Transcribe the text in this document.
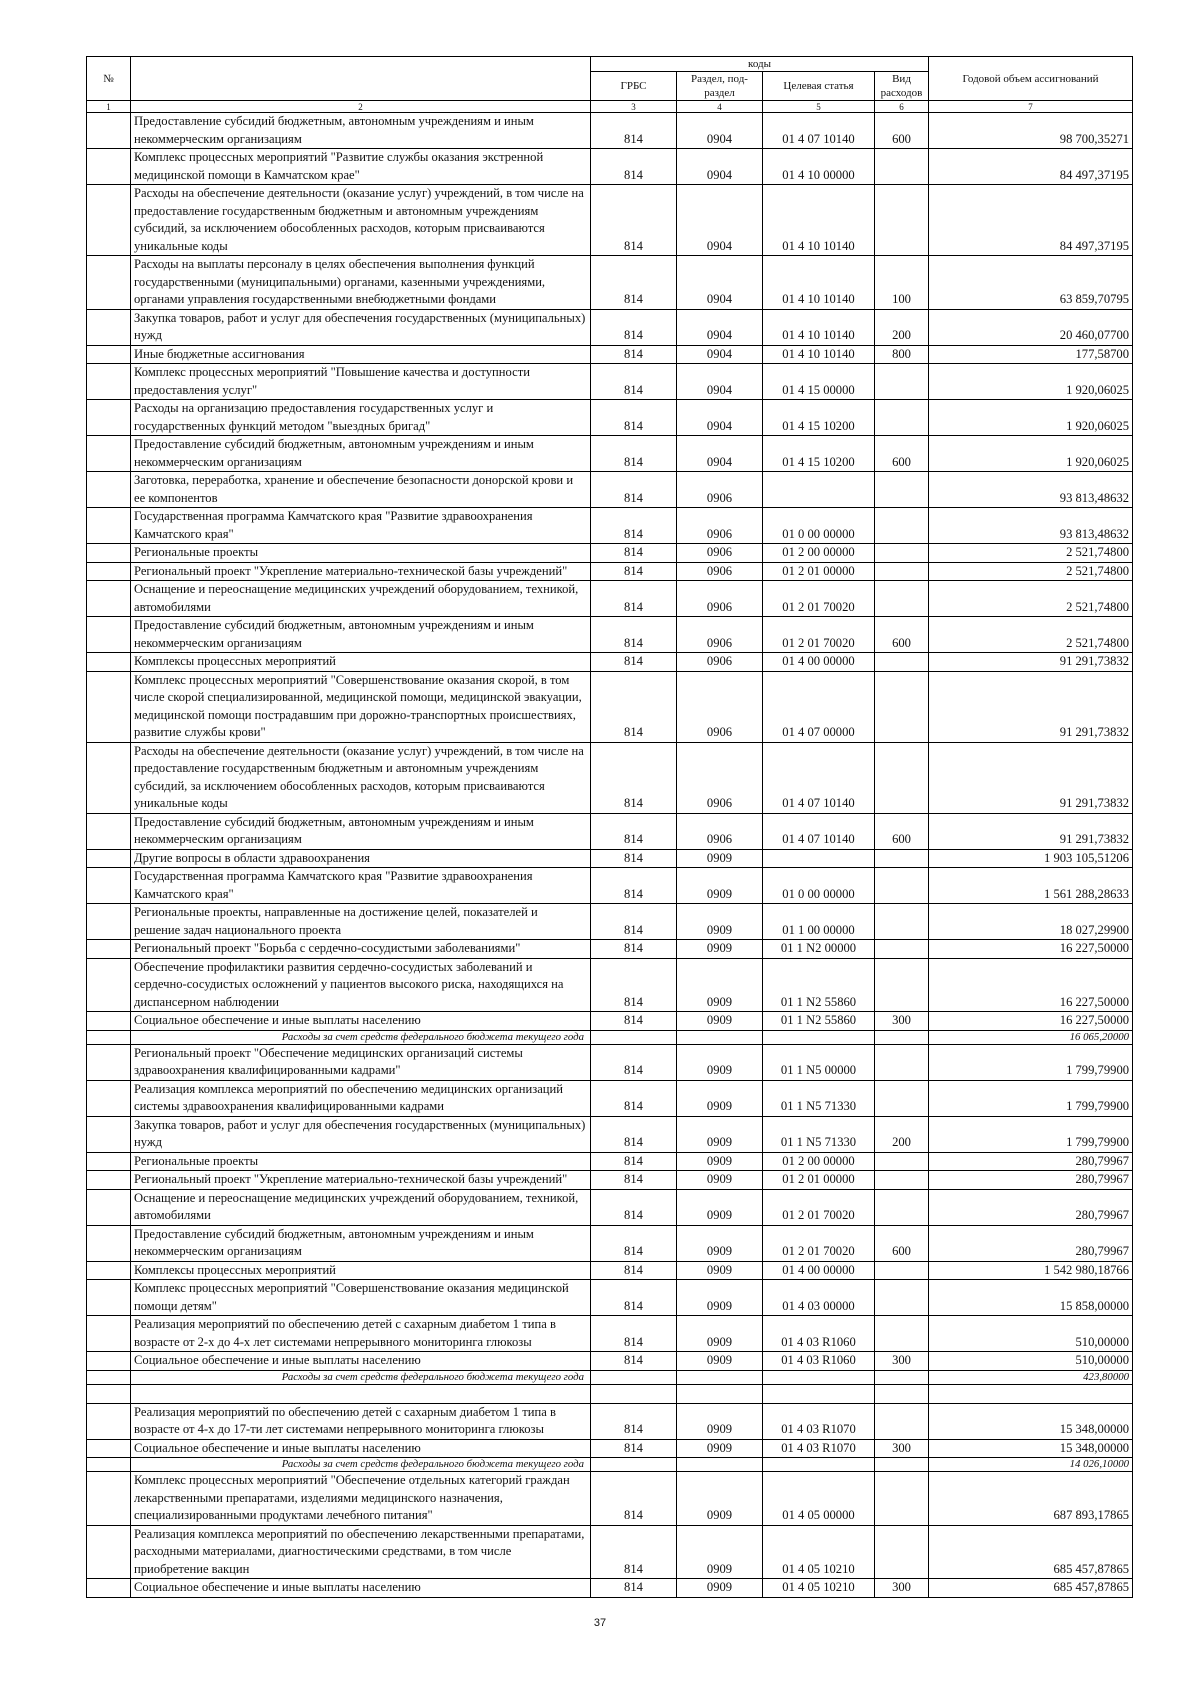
№		коды				Годовой объем ассигнований
		ГРБС	Раздел, под-раздел	Целевая статья	Вид расходов	
1	2	3	4	5	6	7
	Предоставление субсидий бюджетным, автономным учреждениям и иным некоммерческим организациям	814	0904	01 4 07 10140	600	98 700,35271
	Комплекс процессных мероприятий "Развитие службы оказания экстренной медицинской помощи в Камчатском крае"	814	0904	01 4 10 00000		84 497,37195
	Расходы на обеспечение деятельности (оказание услуг) учреждений, в том числе на предоставление государственным бюджетным и автономным учреждениям субсидий, за исключением обособленных расходов, которым присваиваются уникальные коды	814	0904	01 4 10 10140		84 497,37195
	Расходы на выплаты персоналу в целях обеспечения выполнения функций государственными (муниципальными) органами, казенными учреждениями, органами управления государственными внебюджетными фондами	814	0904	01 4 10 10140	100	63 859,70795
	Закупка товаров, работ и услуг для обеспечения государственных (муниципальных) нужд	814	0904	01 4 10 10140	200	20 460,07700
	Иные бюджетные ассигнования	814	0904	01 4 10 10140	800	177,58700
	Комплекс процессных мероприятий "Повышение качества и доступности предоставления услуг"	814	0904	01 4 15 00000		1 920,06025
	Расходы на организацию предоставления государственных услуг и государственных функций методом "выездных бригад"	814	0904	01 4 15 10200		1 920,06025
	Предоставление субсидий бюджетным, автономным учреждениям и иным некоммерческим организациям	814	0904	01 4 15 10200	600	1 920,06025
	Заготовка, переработка, хранение и обеспечение безопасности донорской крови и ее компонентов	814	0906			93 813,48632
	Государственная программа Камчатского края "Развитие здравоохранения Камчатского края"	814	0906	01 0 00 00000		93 813,48632
	Региональные проекты	814	0906	01 2 00 00000		2 521,74800
	Региональный проект "Укрепление материально-технической базы учреждений"	814	0906	01 2 01 00000		2 521,74800
	Оснащение и переоснащение медицинских учреждений оборудованием, техникой, автомобилями	814	0906	01 2 01 70020		2 521,74800
	Предоставление субсидий бюджетным, автономным учреждениям и иным некоммерческим организациям	814	0906	01 2 01 70020	600	2 521,74800
	Комплексы процессных мероприятий	814	0906	01 4 00 00000		91 291,73832
	Комплекс процессных мероприятий "Совершенствование оказания скорой, в том числе скорой специализированной, медицинской помощи, медицинской эвакуации, медицинской помощи пострадавшим при дорожно-транспортных происшествиях, развитие службы крови"	814	0906	01 4 07 00000		91 291,73832
	Расходы на обеспечение деятельности (оказание услуг) учреждений, в том числе на предоставление государственным бюджетным и автономным учреждениям субсидий, за исключением обособленных расходов, которым присваиваются уникальные коды	814	0906	01 4 07 10140		91 291,73832
	Предоставление субсидий бюджетным, автономным учреждениям и иным некоммерческим организациям	814	0906	01 4 07 10140	600	91 291,73832
	Другие вопросы в области здравоохранения	814	0909			1 903 105,51206
	Государственная программа Камчатского края "Развитие здравоохранения Камчатского края"	814	0909	01 0 00 00000		1 561 288,28633
	Региональные проекты, направленные на достижение целей, показателей и решение задач национального проекта	814	0909	01 1 00 00000		18 027,29900
	Региональный проект "Борьба с сердечно-сосудистыми заболеваниями"	814	0909	01 1 N2 00000		16 227,50000
	Обеспечение профилактики развития сердечно-сосудистых заболеваний и сердечно-сосудистых осложнений у пациентов высокого риска, находящихся на диспансерном наблюдении	814	0909	01 1 N2 55860		16 227,50000
	Социальное обеспечение и иные выплаты населению	814	0909	01 1 N2 55860	300	16 227,50000
	Расходы за счет средств федерального бюджета текущего года					16 065,20000
	Региональный проект "Обеспечение медицинских организаций системы здравоохранения квалифицированными кадрами"	814	0909	01 1 N5 00000		1 799,79900
	Реализация комплекса мероприятий по обеспечению медицинских организаций системы здравоохранения квалифицированными кадрами	814	0909	01 1 N5 71330		1 799,79900
	Закупка товаров, работ и услуг для обеспечения государственных (муниципальных) нужд	814	0909	01 1 N5 71330	200	1 799,79900
	Региональные проекты	814	0909	01 2 00 00000		280,79967
	Региональный проект "Укрепление материально-технической базы учреждений"	814	0909	01 2 01 00000		280,79967
	Оснащение и переоснащение медицинских учреждений оборудованием, техникой, автомобилями	814	0909	01 2 01 70020		280,79967
	Предоставление субсидий бюджетным, автономным учреждениям и иным некоммерческим организациям	814	0909	01 2 01 70020	600	280,79967
	Комплексы процессных мероприятий	814	0909	01 4 00 00000		1 542 980,18766
	Комплекс процессных мероприятий "Совершенствование оказания медицинской помощи детям"	814	0909	01 4 03 00000		15 858,00000
	Реализация мероприятий по обеспечению детей с сахарным диабетом 1 типа в возрасте от 2-х до 4-х лет системами непрерывного мониторинга глюкозы	814	0909	01 4 03 R1060		510,00000
	Социальное обеспечение и иные выплаты населению	814	0909	01 4 03 R1060	300	510,00000
	Расходы за счет средств федерального бюджета текущего года					423,80000

	Реализация мероприятий по обеспечению детей с сахарным диабетом 1 типа в возрасте от 4-х до 17-ти лет системами непрерывного мониторинга глюкозы	814	0909	01 4 03 R1070		15 348,00000
	Социальное обеспечение и иные выплаты населению	814	0909	01 4 03 R1070	300	15 348,00000
	Расходы за счет средств федерального бюджета текущего года					14 026,10000
	Комплекс процессных мероприятий "Обеспечение отдельных категорий граждан лекарственными препаратами, изделиями медицинского назначения, специализированными продуктами лечебного питания"	814	0909	01 4 05 00000		687 893,17865
	Реализация комплекса мероприятий по обеспечению лекарственными препаратами, расходными материалами, диагностическими средствами, в том числе приобретение вакцин	814	0909	01 4 05 10210		685 457,87865
	Социальное обеспечение и иные выплаты населению	814	0909	01 4 05 10210	300	685 457,87865
37
